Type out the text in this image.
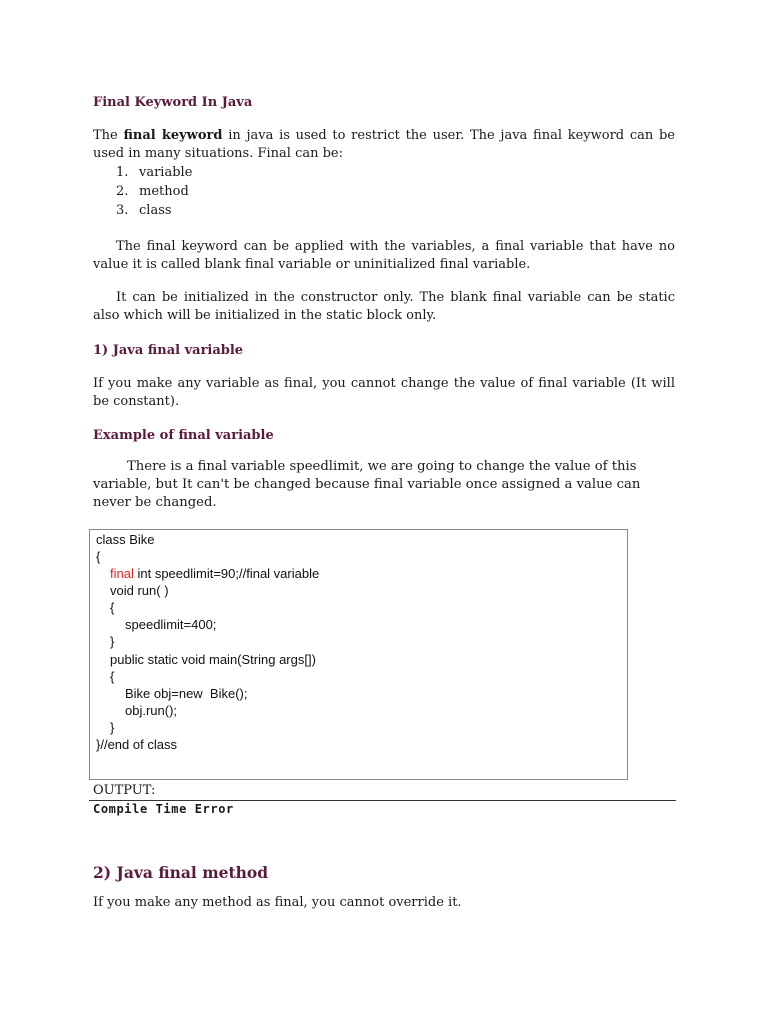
Final Keyword In Java

The final keyword in java is used to restrict the user. The java final keyword can be used in many situations. Final can be:

1. variable
2. method
3. class

The final keyword can be applied with the variables, a final variable that have no value it is called blank final variable or uninitialized final variable.

It can be initialized in the constructor only. The blank final variable can be static also which will be initialized in the static block only.

1) Java final variable

If you make any variable as final, you cannot change the value of final variable (It will be constant).

Example of final variable

There is a final variable speedlimit, we are going to change the value of this variable, but It can't be changed because final variable once assigned a value can never be changed.

class Bike
{
final int speedlimit=90;//final variable
void run( )
{
speedlimit=400;
}
public static void main(String args[])
{
Bike obj=new  Bike();
obj.run();
}
}//end of class
OUTPUT:
Compile Time Error
2) Java final method

If you make any method as final, you cannot override it.
